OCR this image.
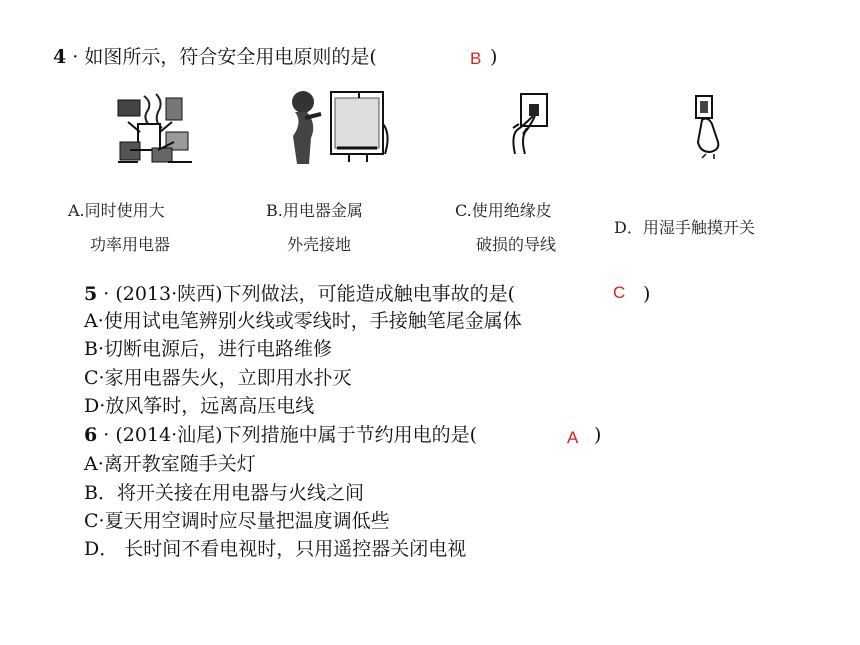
4 · 如图所示，符合安全用电原则的是(	B )
A.同时使用大
功率用电器
B.用电器金属
外壳接地
C.使用绝缘皮
破损的导线
D．用湿手触摸开关
5 · (2013·陕西)下列做法，可能造成触电事故的是(	C )
A·使用试电笔辨别火线或零线时，手接触笔尾金属体
B·切断电源后，进行电路维修
C·家用电器失火，立即用水扑灭
D·放风筝时，远离高压电线
6 · (2014·汕尾)下列措施中属于节约用电的是(	A )
A·离开教室随手关灯
B．将开关接在用电器与火线之间
C·夏天用空调时应尽量把温度调低些
D． 长时间不看电视时，只用遥控器关闭电视
